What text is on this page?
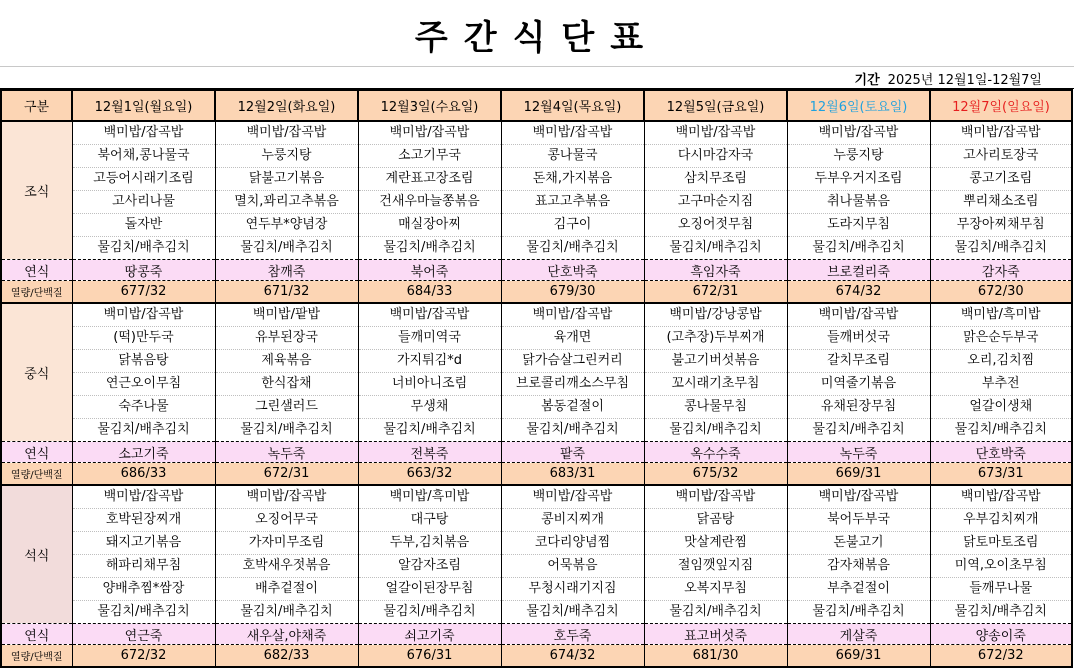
주간식단표
기간 2025년 12월1일-12월7일
구분	12월1일(월요일)	12월2일(화요일)	12월3일(수요일)	12월4일(목요일)	12월5일(금요일)	12월6일(토요일)	12월7일(일요일)
조식	백미밥/잡곡밥	백미밥/잡곡밥	백미밥/잡곡밥	백미밥/잡곡밥	백미밥/잡곡밥	백미밥/잡곡밥	백미밥/잡곡밥
	북어채,콩나물국	누룽지탕	소고기무국	콩나물국	다시마감자국	누룽지탕	고사리토장국
	고등어시래기조림	닭불고기볶음	계란표고장조림	돈채,가지볶음	삼치무조림	두부우거지조림	콩고기조림
	고사리나물	멸치,꽈리고추볶음	건새우마늘쫑볶음	표고고추볶음	고구마순지짐	취나물볶음	뿌리채소조림
	돌자반	연두부*양념장	매실장아찌	김구이	오징어젓무침	도라지무침	무장아찌채무침
	물김치/배추김치	물김치/배추김치	물김치/배추김치	물김치/배추김치	물김치/배추김치	물김치/배추김치	물김치/배추김치
연식	땅콩죽	참깨죽	북어죽	단호박죽	흑임자죽	브로컬리죽	감자죽
열량/단백질	677/32	671/32	684/33	679/30	672/31	674/32	672/30
중식	백미밥/잡곡밥	백미밥/팥밥	백미밥/잡곡밥	백미밥/잡곡밥	백미밥/강낭콩밥	백미밥/잡곡밥	백미밥/흑미밥
	(떡)만두국	유부된장국	들깨미역국	육개면	(고추장)두부찌개	들깨버섯국	맑은순두부국
	닭볶음탕	제육볶음	가지튀김*d	닭가슴살그린커리	불고기버섯볶음	갈치무조림	오리,김치찜
	연근오이무침	한식잡채	너비아니조림	브로콜리깨소스무침	꼬시래기초무침	미역줄기볶음	부추전
	숙주나물	그린샐러드	무생채	봄동겉절이	콩나물무침	유채된장무침	얼갈이생채
	물김치/배추김치	물김치/배추김치	물김치/배추김치	물김치/배추김치	물김치/배추김치	물김치/배추김치	물김치/배추김치
연식	소고기죽	녹두죽	전복죽	팥죽	옥수수죽	녹두죽	단호박죽
열량/단백질	686/33	672/31	663/32	683/31	675/32	669/31	673/31
석식	백미밥/잡곡밥	백미밥/잡곡밥	백미밥/흑미밥	백미밥/잡곡밥	백미밥/잡곡밥	백미밥/잡곡밥	백미밥/잡곡밥
	호박된장찌개	오징어무국	대구탕	콩비지찌개	닭곰탕	북어두부국	우부김치찌개
	돼지고기볶음	가자미무조림	두부,김치볶음	코다리양념찜	맛살계란찜	돈불고기	닭토마토조림
	해파리채무침	호박새우젓볶음	알감자조림	어묵볶음	절임깻잎지짐	감자채볶음	미역,오이초무침
	양배추찜*쌈장	배추겉절이	얼갈이된장무침	무청시래기지짐	오복지무침	부추겉절이	들깨무나물
	물김치/배추김치	물김치/배추김치	물김치/배추김치	물김치/배추김치	물김치/배추김치	물김치/배추김치	물김치/배추김치
연식	연근죽	새우살,야채죽	쇠고기죽	호두죽	표고버섯죽	게살죽	양송이죽
열량/단백질	672/32	682/33	676/31	674/32	681/30	669/31	672/32
